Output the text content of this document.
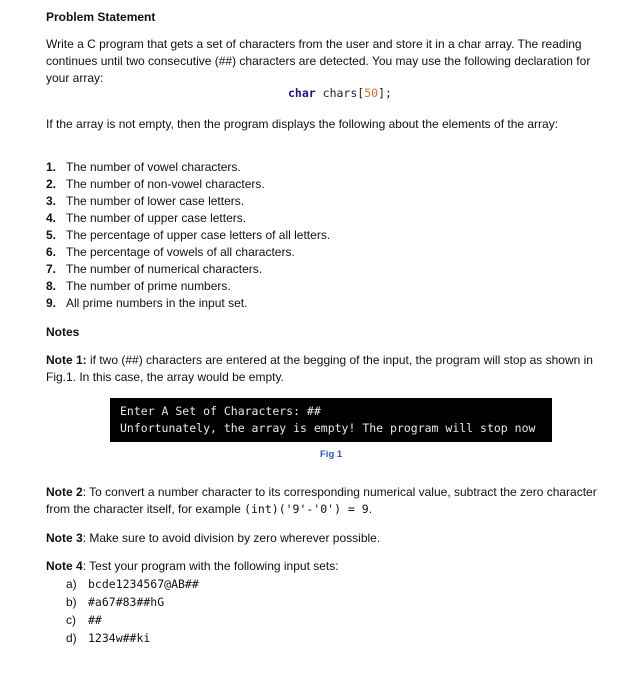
Problem Statement
Write a C program that gets a set of characters from the user and store it in a char array. The reading continues until two consecutive (##) characters are detected. You may use the following declaration for your array:
char chars[50];
If the array is not empty, then the program displays the following about the elements of the array:
1. The number of vowel characters.
2. The number of non-vowel characters.
3. The number of lower case letters.
4. The number of upper case letters.
5. The percentage of upper case letters of all letters.
6. The percentage of vowels of all characters.
7. The number of numerical characters.
8. The number of prime numbers.
9. All prime numbers in the input set.
Notes
Note 1: if two (##) characters are entered at the begging of the input, the program will stop as shown in Fig.1. In this case, the array would be empty.
Enter A Set of Characters: ##
Unfortunately, the array is empty! The program will stop now
Fig 1
Note 2: To convert a number character to its corresponding numerical value, subtract the zero character from the character itself, for example (int)('9'-'0') = 9.
Note 3: Make sure to avoid division by zero wherever possible.
Note 4: Test your program with the following input sets:
a) bcde1234567@AB##
b) #a67#83##hG
c)	##
d) 1234w##ki
